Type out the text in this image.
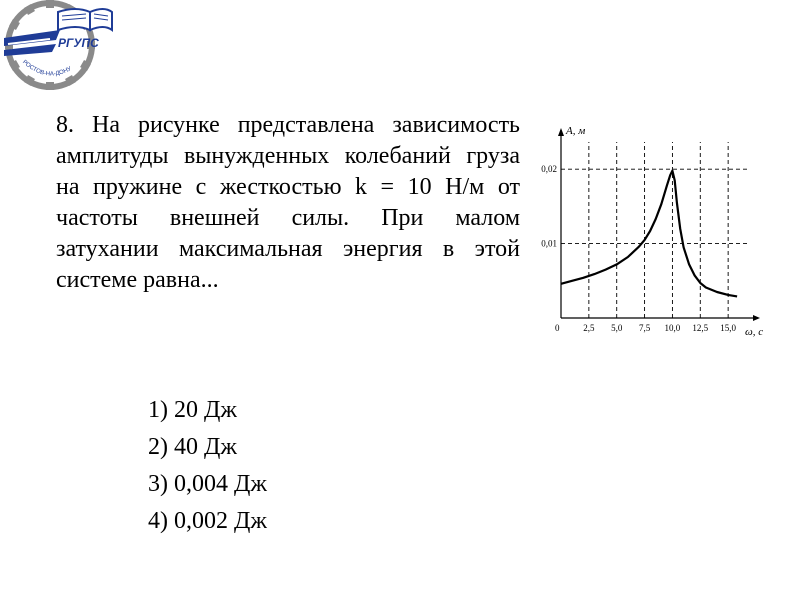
РГУПС
РОСТОВ-НА-ДОНУ

8. На рисунке представлена зависимость амплитуды вынужденных колебаний груза на пружине с жесткостью k = 10 Н/м от частоты внешней силы. При малом затухании максимальная энергия в этой системе равна...

2,5 5,0 7,5 10,0 12,5 15,0
0,01
0,02
A, м
ω, с
0
1) 20 Дж
2) 40 Дж
3) 0,004 Дж
4) 0,002 Дж
